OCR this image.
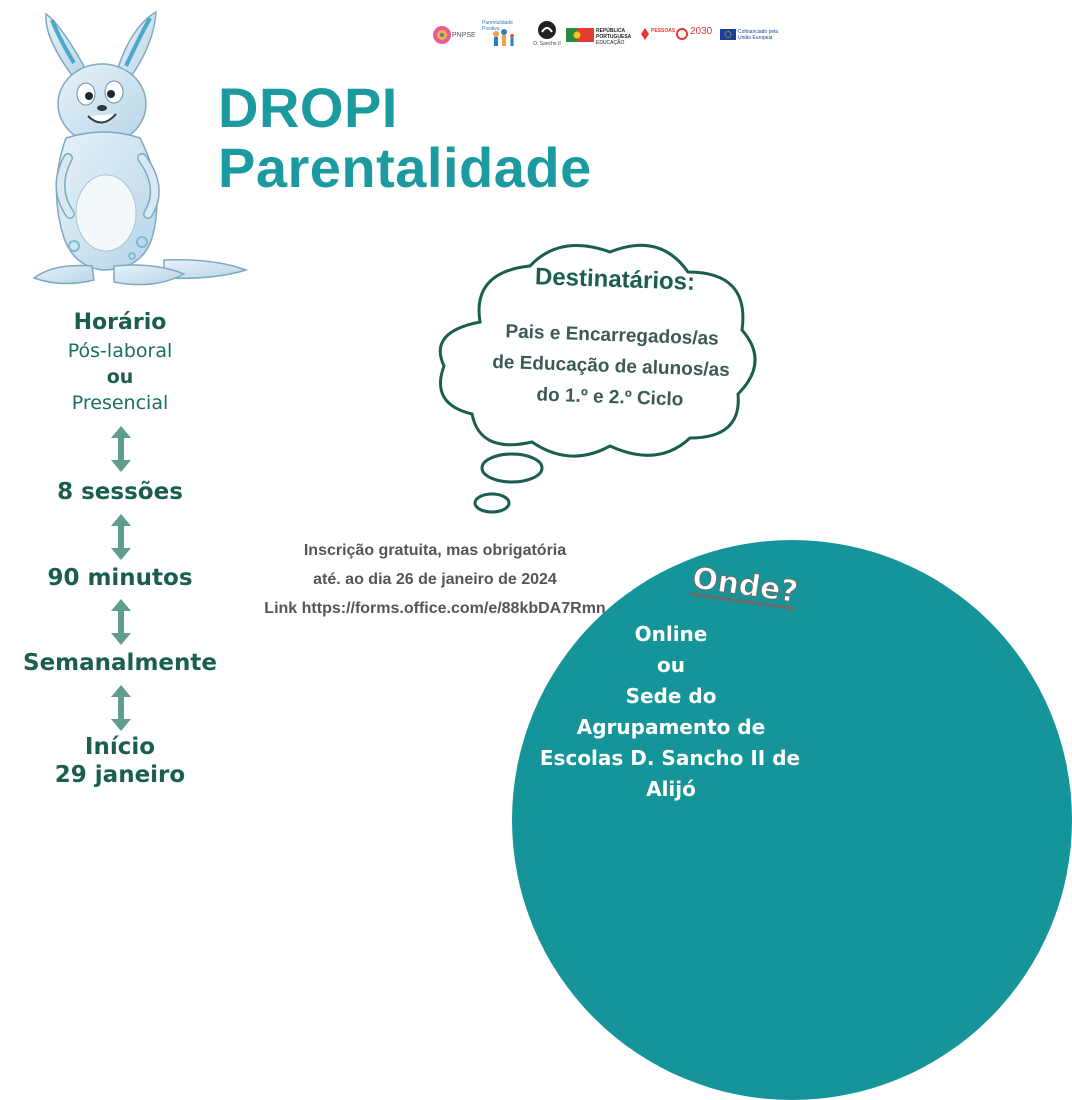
PNPSE
Parentalidade Positiva
D. Sancho II
REPÚBLICA PORTUGUESA
EDUCAÇÃO
PESSOAS 2030	Cofinanciado pela União Europeia
DROPI
Parentalidade
Horário
Pós-laboral
ou
Presencial
8 sessões
90 minutos
Semanalmente
Início
29 janeiro
Destinatários:
Pais e Encarregados/as
de Educação de alunos/as
do 1.º e 2.º Ciclo
Inscrição gratuita, mas obrigatória
até. ao dia 26 de janeiro de 2024
Link https://forms.office.com/e/88kbDA7Rmn	Onde?
Online
ou
Sede do
Agrupamento de
Escolas D. Sancho II de
Alijó
